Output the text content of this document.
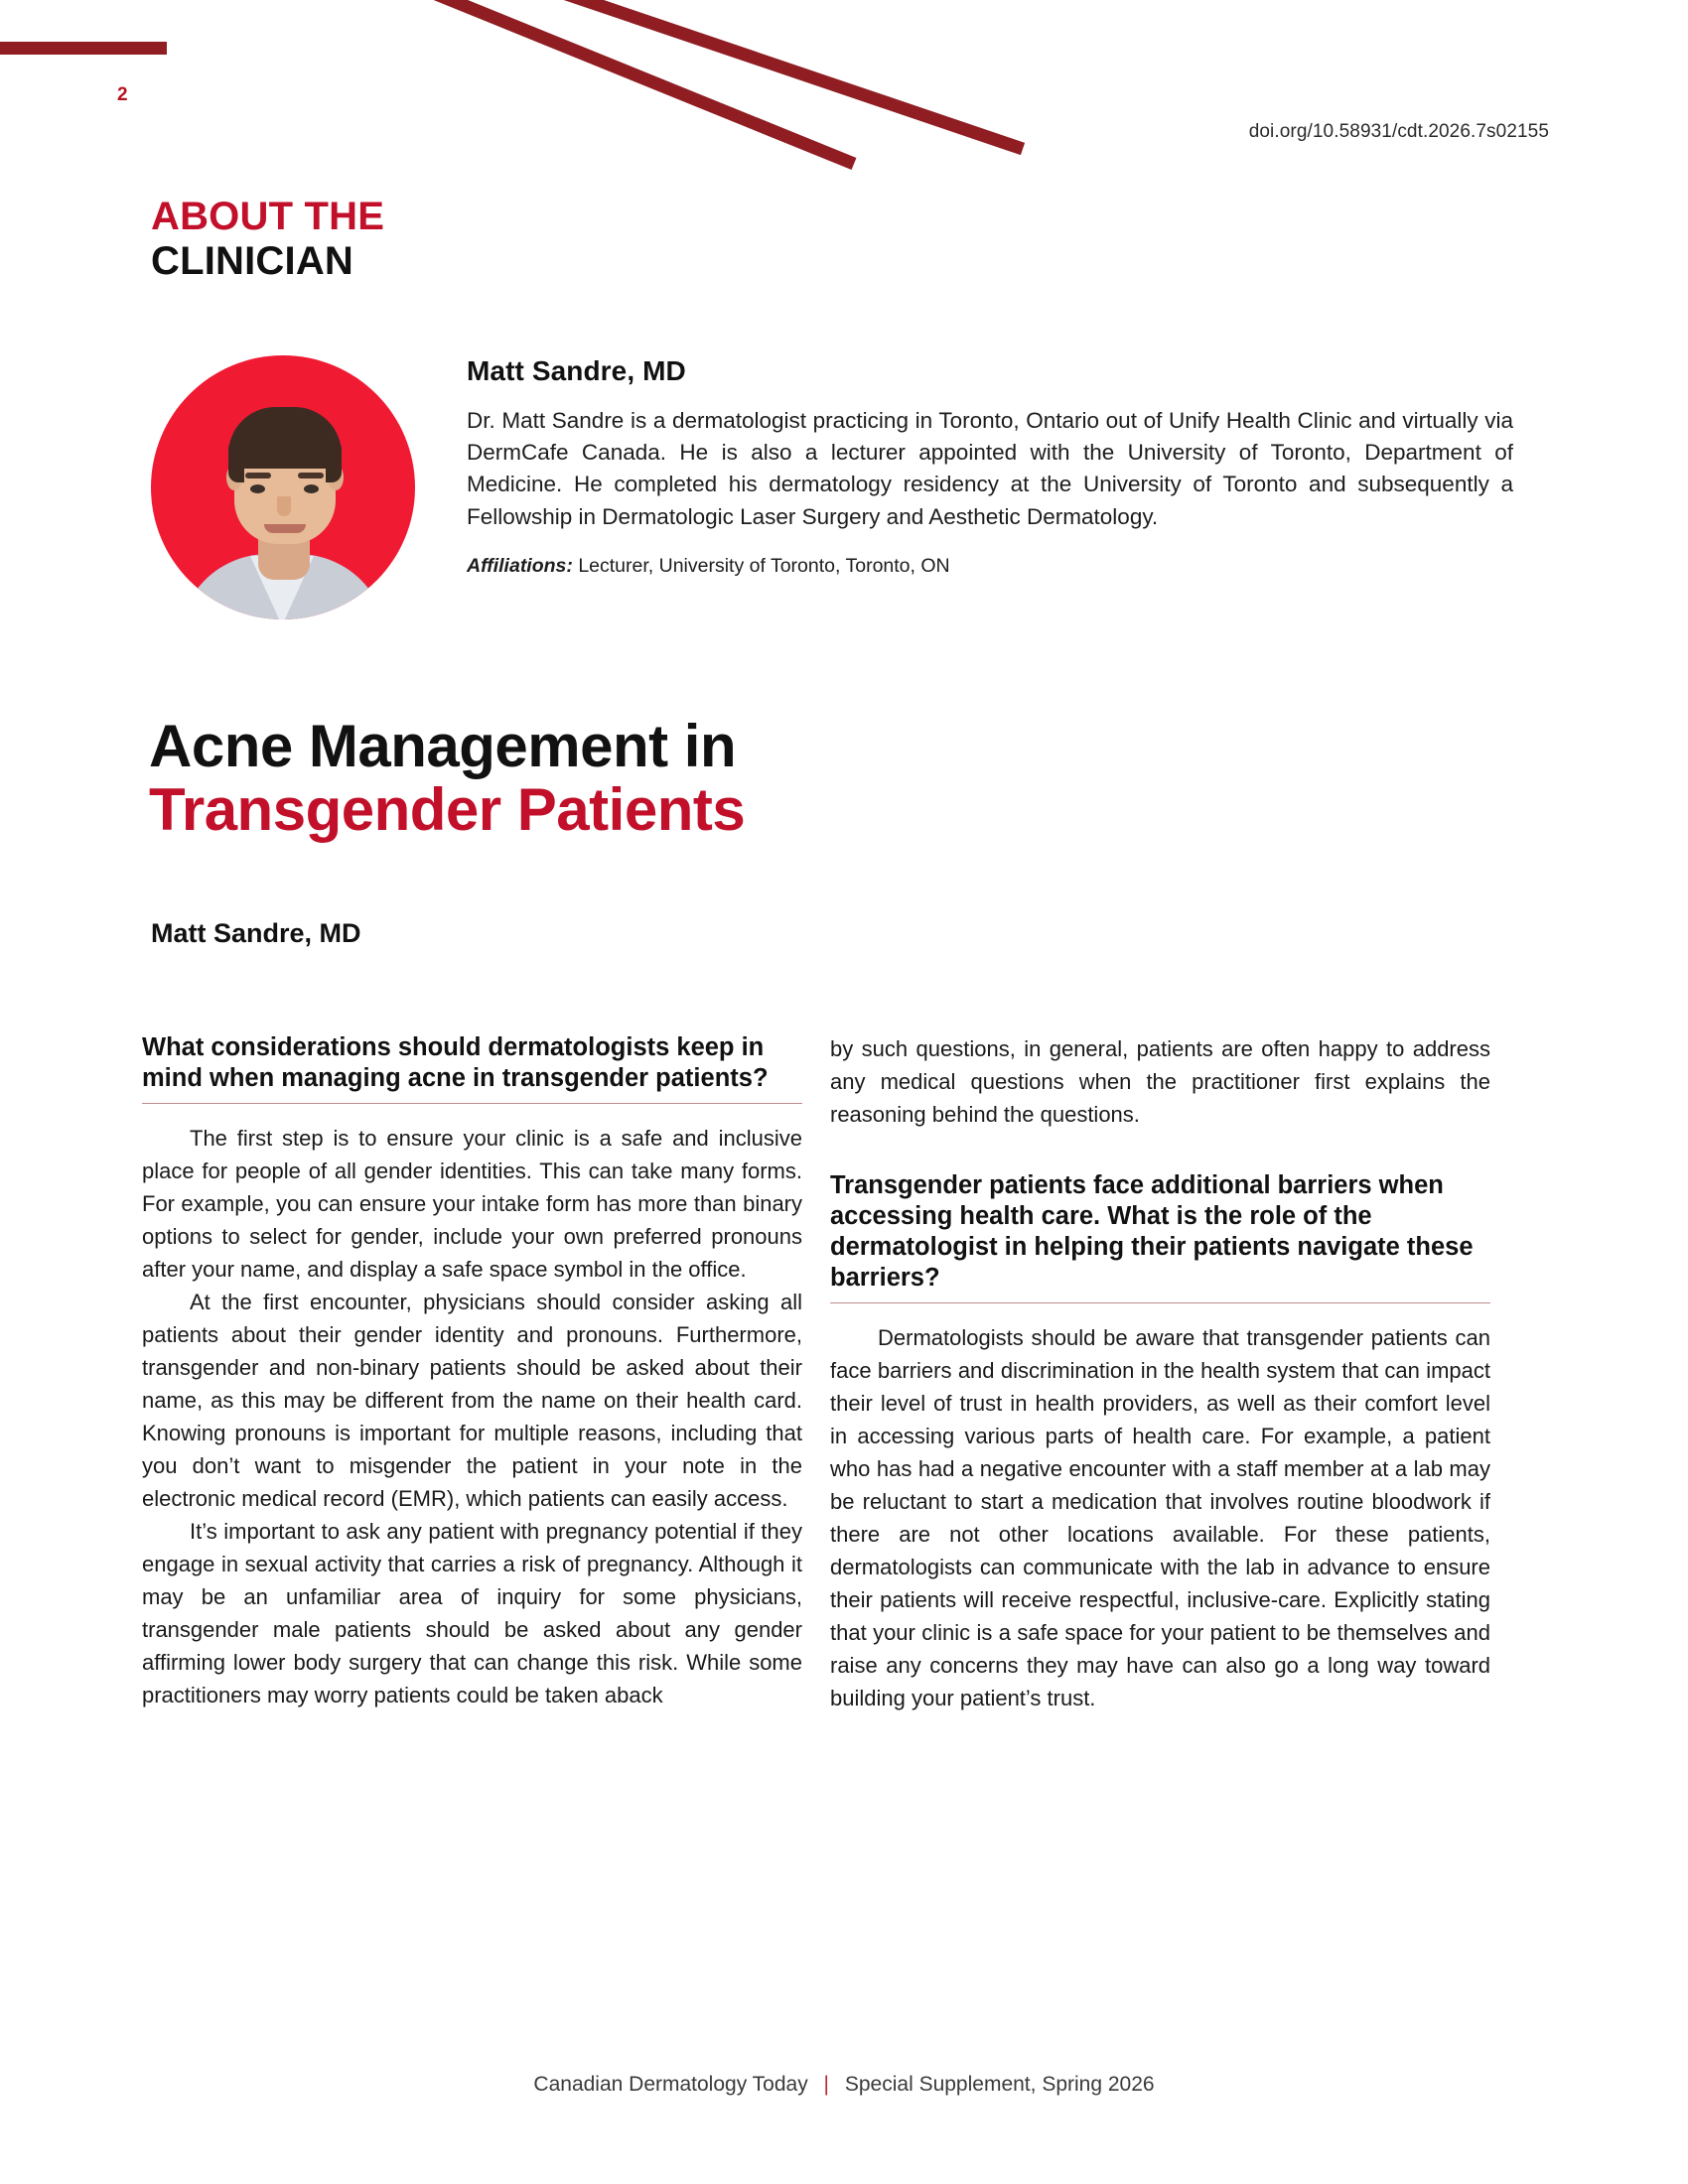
2
doi.org/10.58931/cdt.2026.7s02155
ABOUT THE
CLINICIAN
Matt Sandre, MD

Dr. Matt Sandre is a dermatologist practicing in Toronto, Ontario out of Unify Health Clinic and virtually via DermCafe Canada. He is also a lecturer appointed with the University of Toronto, Department of Medicine. He completed his dermatology residency at the University of Toronto and subsequently a Fellowship in Dermatologic Laser Surgery and Aesthetic Dermatology.

Affiliations: Lecturer, University of Toronto, Toronto, ON
Acne Management in
Transgender Patients
Matt Sandre, MD
What considerations should dermatologists keep in mind when managing acne in transgender patients?

The first step is to ensure your clinic is a safe and inclusive place for people of all gender identities. This can take many forms. For example, you can ensure your intake form has more than binary options to select for gender, include your own preferred pronouns after your name, and display a safe space symbol in the office.

At the first encounter, physicians should consider asking all patients about their gender identity and pronouns. Furthermore, transgender and non-binary patients should be asked about their name, as this may be different from the name on their health card. Knowing pronouns is important for multiple reasons, including that you don’t want to misgender the patient in your note in the electronic medical record (EMR), which patients can easily access.

It’s important to ask any patient with pregnancy potential if they engage in sexual activity that carries a risk of pregnancy. Although it may be an unfamiliar area of inquiry for some physicians, transgender male patients should be asked about any gender affirming lower body surgery that can change this risk. While some practitioners may worry patients could be taken aback

by such questions, in general, patients are often happy to address any medical questions when the practitioner first explains the reasoning behind the questions.

Transgender patients face additional barriers when accessing health care. What is the role of the dermatologist in helping their patients navigate these barriers?

Dermatologists should be aware that transgender patients can face barriers and discrimination in the health system that can impact their level of trust in health providers, as well as their comfort level in accessing various parts of health care. For example, a patient who has had a negative encounter with a staff member at a lab may be reluctant to start a medication that involves routine bloodwork if there are not other locations available. For these patients, dermatologists can communicate with the lab in advance to ensure their patients will receive respectful, inclusive-care. Explicitly stating that your clinic is a safe space for your patient to be themselves and raise any concerns they may have can also go a long way toward building your patient’s trust.

Canadian Dermatology Today | Special Supplement, Spring 2026
